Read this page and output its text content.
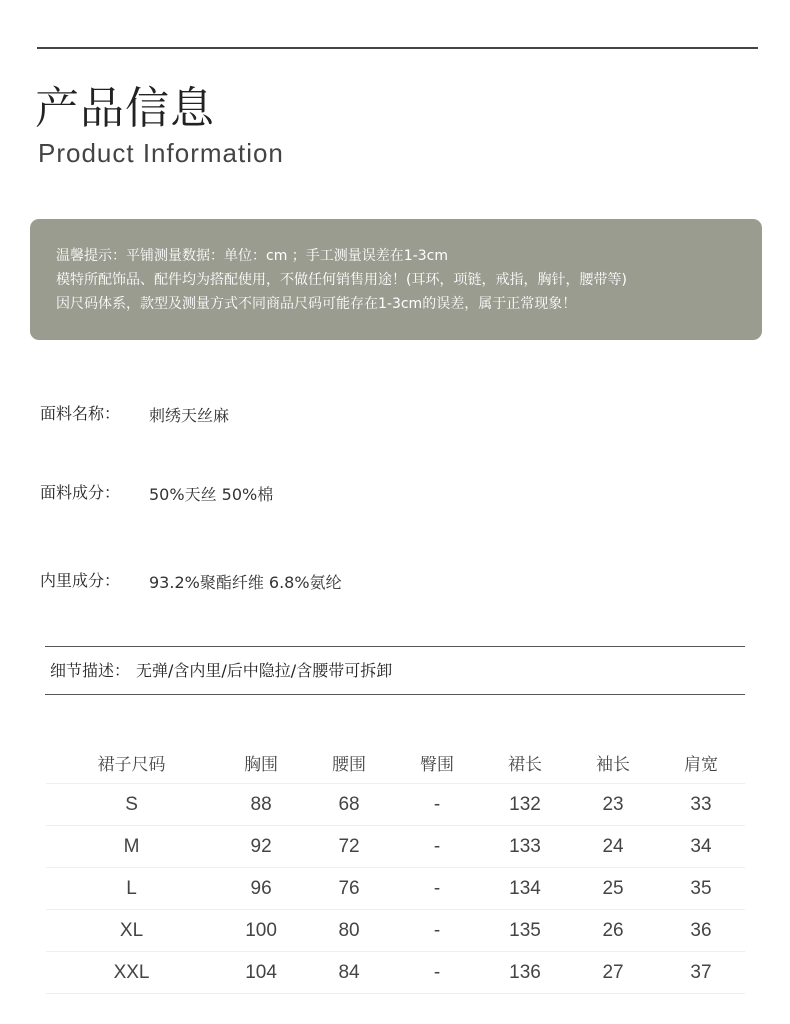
产品信息
Product Information
温馨提示：平铺测量数据：单位：cm ；手工测量误差在1-3cm
模特所配饰品、配件均为搭配使用，不做任何销售用途！(耳环，项链，戒指，胸针，腰带等)
因尺码体系，款型及测量方式不同商品尺码可能存在1-3cm的误差，属于正常现象！
面料名称： 刺绣天丝麻
面料成分： 50%天丝 50%棉
内里成分： 93.2%聚酯纤维 6.8%氨纶
细节描述： 无弹/含内里/后中隐拉/含腰带可拆卸
裙子尺码	胸围	腰围	臀围	裙长	袖长	肩宽
S	88	68	-	132	23	33
M	92	72	-	133	24	34
L	96	76	-	134	25	35
XL	100	80	-	135	26	36
XXL	104	84	-	136	27	37
